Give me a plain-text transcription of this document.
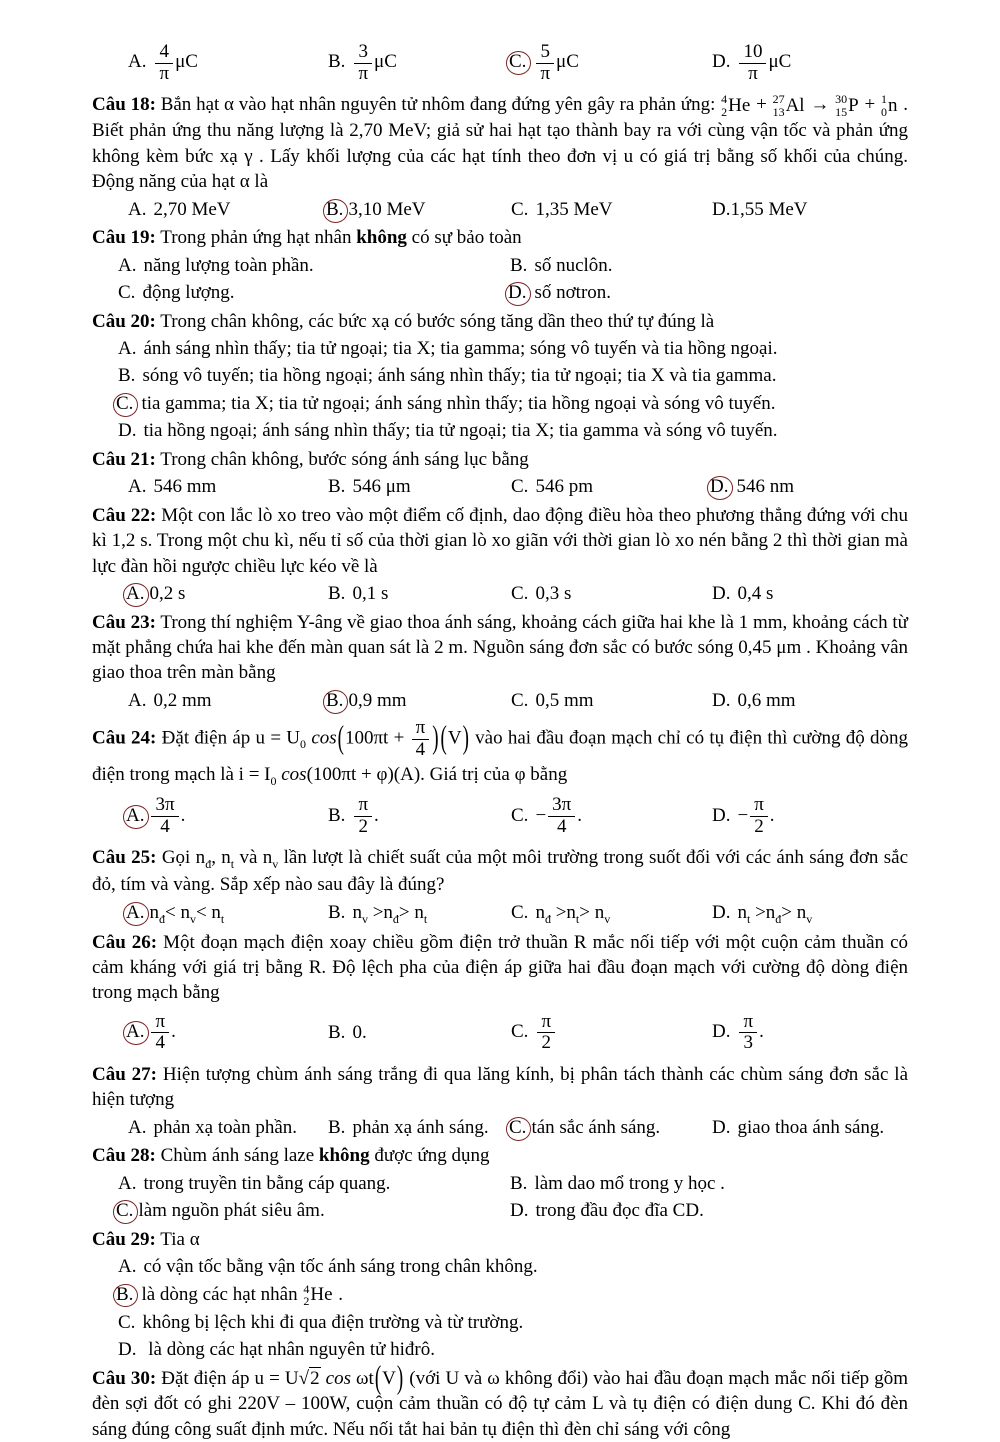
A. $\frac{4}{\pi}$ μC	B. $\frac{3}{\pi}$ μC	C. $\frac{5}{\pi}$ μC	D. $\frac{10}{\pi}$ μC
Câu 18: Bắn hạt α vào hạt nhân nguyên tử nhôm đang đứng yên gây ra phản ứng: 4
2 He + 27
13 Al → 30
15 P + 1
0 n . Biết phản ứng thu năng lượng là 2,70 MeV; giả sử hai hạt tạo thành bay ra với cùng vận tốc và phản ứng không kèm bức xạ γ . Lấy khối lượng của các hạt tính theo đơn vị u có giá trị bằng số khối của chúng. Động năng của hạt α là
A. 2,70 MeV	B. 3,10 MeV	C. 1,35 MeV	D.1,55 MeV
Câu 19: Trong phản ứng hạt nhân không có sự bảo toàn
A. năng lượng toàn phần.	B. số nuclôn.
C. động lượng.	D. số nơtron.
Câu 20: Trong chân không, các bức xạ có bước sóng tăng dần theo thứ tự đúng là
A. ánh sáng nhìn thấy; tia tử ngoại; tia X; tia gamma; sóng vô tuyến và tia hồng ngoại.
B. sóng vô tuyến; tia hồng ngoại; ánh sáng nhìn thấy; tia tử ngoại; tia X và tia gamma.
C. tia gamma; tia X; tia tử ngoại; ánh sáng nhìn thấy; tia hồng ngoại và sóng vô tuyến.
D. tia hồng ngoại; ánh sáng nhìn thấy; tia tử ngoại; tia X; tia gamma và sóng vô tuyến.
Câu 21: Trong chân không, bước sóng ánh sáng lục bằng
A. 546 mm	B. 546 μm	C. 546 pm	D. 546 nm
Câu 22: Một con lắc lò xo treo vào một điểm cố định, dao động điều hòa theo phương thẳng đứng với chu kì 1,2 s. Trong một chu kì, nếu tỉ số của thời gian lò xo giãn với thời gian lò xo nén bằng 2 thì thời gian mà lực đàn hồi ngược chiều lực kéo về là
A. 0,2 s	B. 0,1 s	C. 0,3 s	D. 0,4 s
Câu 23: Trong thí nghiệm Y-âng về giao thoa ánh sáng, khoảng cách giữa hai khe là 1 mm, khoảng cách từ mặt phẳng chứa hai khe đến màn quan sát là 2 m. Nguồn sáng đơn sắc có bước sóng 0,45 μm . Khoảng vân giao thoa trên màn bằng
A. 0,2 mm	B. 0,9 mm	C. 0,5 mm	D. 0,6 mm
Câu 24: Đặt điện áp $u = U_0$ $\cos(100\pi t + \frac{\pi}{4}$ ) (V) vào hai đầu đoạn mạch chỉ có tụ điện thì cường độ dòng điện trong mạch là $i = I_0$ cos(100πt + φ)(A). Giá trị của φ bằng
A. $\frac{3\pi}{4}$ .	B. $\frac{\pi}{2}$ .	C. − $\frac{3\pi}{4}$ .	D. − $\frac{\pi}{2}$ .
Câu 25: Gọi $n_đ$, $n_t$ và $n_v$ lần lượt là chiết suất của một môi trường trong suốt đối với các ánh sáng đơn sắc đỏ, tím và vàng. Sắp xếp nào sau đây là đúng?
A. $n_đ< n_v< n_t$	B. $n_v >n_đ> n_t$	C. $n_đ >n_t> n_v$	D. $n_t >n_đ> n_v$
Câu 26: Một đoạn mạch điện xoay chiều gồm điện trở thuần R mắc nối tiếp với một cuộn cảm thuần có cảm kháng với giá trị bằng R. Độ lệch pha của điện áp giữa hai đầu đoạn mạch với cường độ dòng điện trong mạch bằng
A. $\frac{\pi}{4}$ .	B. 0.	C. $\frac{\pi}{2}$	D. $\frac{\pi}{3}$ .
Câu 27: Hiện tượng chùm ánh sáng trắng đi qua lăng kính, bị phân tách thành các chùm sáng đơn sắc là hiện tượng
A. phản xạ toàn phần.	B. phản xạ ánh sáng.	C. tán sắc ánh sáng.	D. giao thoa ánh sáng.
Câu 28: Chùm ánh sáng laze không được ứng dụng
A. trong truyền tin bằng cáp quang.	B. làm dao mổ trong y học .
C. làm nguồn phát siêu âm.	D. trong đầu đọc đĩa CD.
Câu 29: Tia α
A. có vận tốc bằng vận tốc ánh sáng trong chân không.
B. là dòng các hạt nhân 4
2 He .
C. không bị lệch khi đi qua điện trường và từ trường.
D. là dòng các hạt nhân nguyên tử hiđrô.
Câu 30: Đặt điện áp u = U√2 cos ωt(V) (với U và ω không đổi) vào hai đầu đoạn mạch mắc nối tiếp gồm đèn sợi đốt có ghi 220V – 100W, cuộn cảm thuần có độ tự cảm L và tụ điện có điện dung C. Khi đó đèn sáng đúng công suất định mức. Nếu nối tắt hai bản tụ điện thì đèn chỉ sáng với công
